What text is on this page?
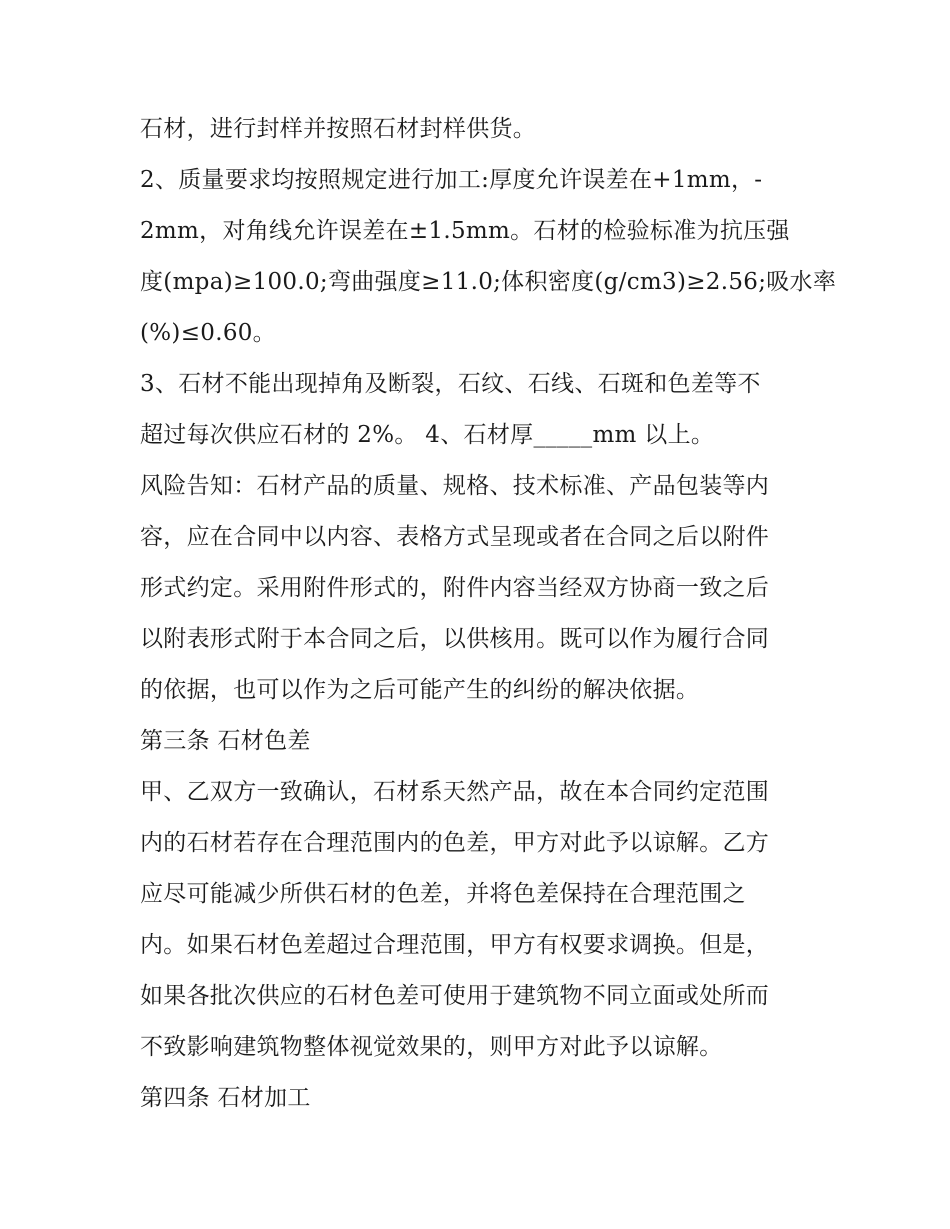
石材，进行封样并按照石材封样供货。
2、质量要求均按照规定进行加工:厚度允许误差在+1mm，-
2mm，对角线允许误差在±1.5mm。石材的检验标准为抗压强
度(mpa)≥100.0;弯曲强度≥11.0;体积密度(g/cm3)≥2.56;吸水率
(%)≤0.60。
3、石材不能出现掉角及断裂，石纹、石线、石斑和色差等不
超过每次供应石材的 2%。 4、石材厚_____mm 以上。
风险告知：石材产品的质量、规格、技术标准、产品包装等内
容，应在合同中以内容、表格方式呈现或者在合同之后以附件
形式约定。采用附件形式的，附件内容当经双方协商一致之后
以附表形式附于本合同之后，以供核用。既可以作为履行合同
的依据，也可以作为之后可能产生的纠纷的解决依据。
第三条 石材色差
甲、乙双方一致确认，石材系天然产品，故在本合同约定范围
内的石材若存在合理范围内的色差，甲方对此予以谅解。乙方
应尽可能减少所供石材的色差，并将色差保持在合理范围之
内。如果石材色差超过合理范围，甲方有权要求调换。但是，
如果各批次供应的石材色差可使用于建筑物不同立面或处所而
不致影响建筑物整体视觉效果的，则甲方对此予以谅解。
第四条 石材加工
